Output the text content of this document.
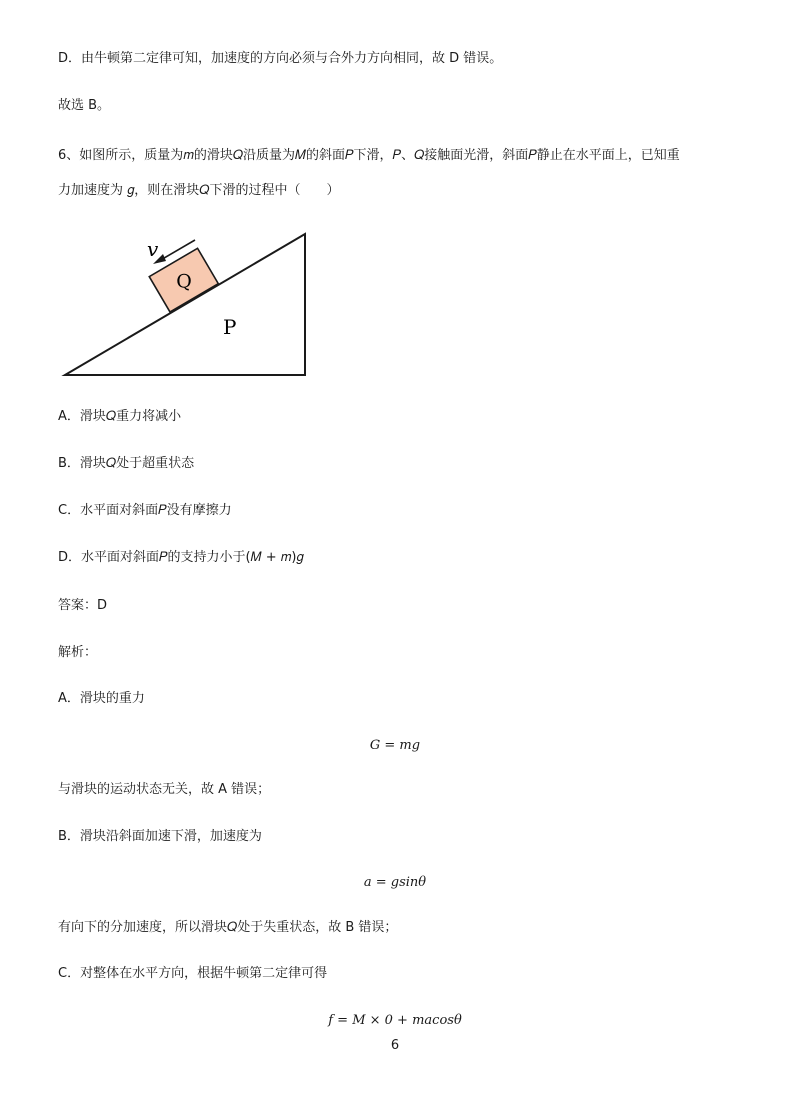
D．由牛顿第二定律可知，加速度的方向必须与合外力方向相同，故 D 错误。
故选 B。
6、如图所示，质量为𝑚的滑块𝑄沿质量为𝑀的斜面𝑃下滑，𝑃、𝑄接触面光滑，斜面𝑃静止在水平面上，已知重
力加速度为 𝑔，则在滑块𝑄下滑的过程中（　　）
Q
v
P
A．滑块𝑄重力将减小
B．滑块𝑄处于超重状态
C．水平面对斜面𝑃没有摩擦力
D．水平面对斜面𝑃的支持力小于(𝑀 + 𝑚)𝑔
答案：D
解析：
A．滑块的重力
𝐺 = 𝑚𝑔
与滑块的运动状态无关，故 A 错误；
B．滑块沿斜面加速下滑，加速度为
𝑎 = 𝑔sin𝜃
有向下的分加速度，所以滑块𝑄处于失重状态，故 B 错误；
C．对整体在水平方向，根据牛顿第二定律可得
𝑓 = 𝑀 × 0 + 𝑚𝑎cos𝜃
6
